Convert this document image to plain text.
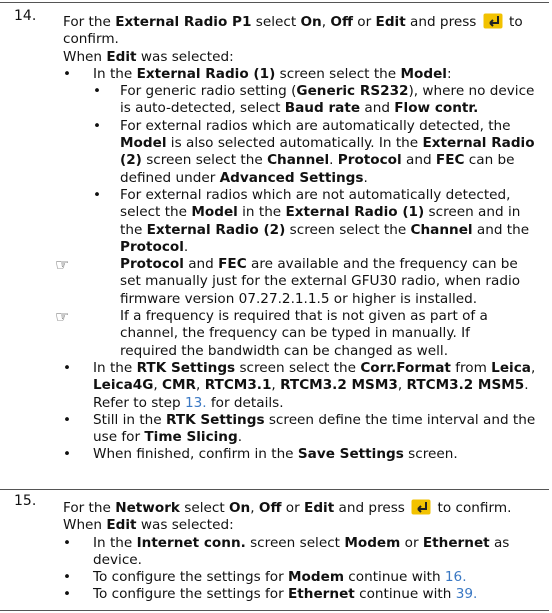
14. For the External Radio P1 select On, Off or Edit and press  to
confirm.
When Edit was selected:
• In the External Radio (1) screen select the Model:
• For generic radio setting (Generic RS232), where no device
is auto-detected, select Baud rate and Flow contr.
• For external radios which are automatically detected, the
Model is also selected automatically. In the External Radio
(2) screen select the Channel. Protocol and FEC can be
defined under Advanced Settings.
• For external radios which are not automatically detected,
select the Model in the External Radio (1) screen and in
the External Radio (2) screen select the Channel and the
Protocol.
☞	Protocol and FEC are available and the frequency can be
set manually just for the external GFU30 radio, when radio
firmware version 07.27.2.1.1.5 or higher is installed.
☞	If a frequency is required that is not given as part of a
channel, the frequency can be typed in manually. If
required the bandwidth can be changed as well.
• In the RTK Settings screen select the Corr.Format from Leica,
Leica4G, CMR, RTCM3.1, RTCM3.2 MSM3, RTCM3.2 MSM5.
Refer to step 13. for details.
• Still in the RTK Settings screen define the time interval and the
use for Time Slicing.
• When finished, confirm in the Save Settings screen.
15. For the Network select On, Off or Edit and press  to confirm.
When Edit was selected:
• In the Internet conn. screen select Modem or Ethernet as
device.
• To configure the settings for Modem continue with 16.
• To configure the settings for Ethernet continue with 39.
